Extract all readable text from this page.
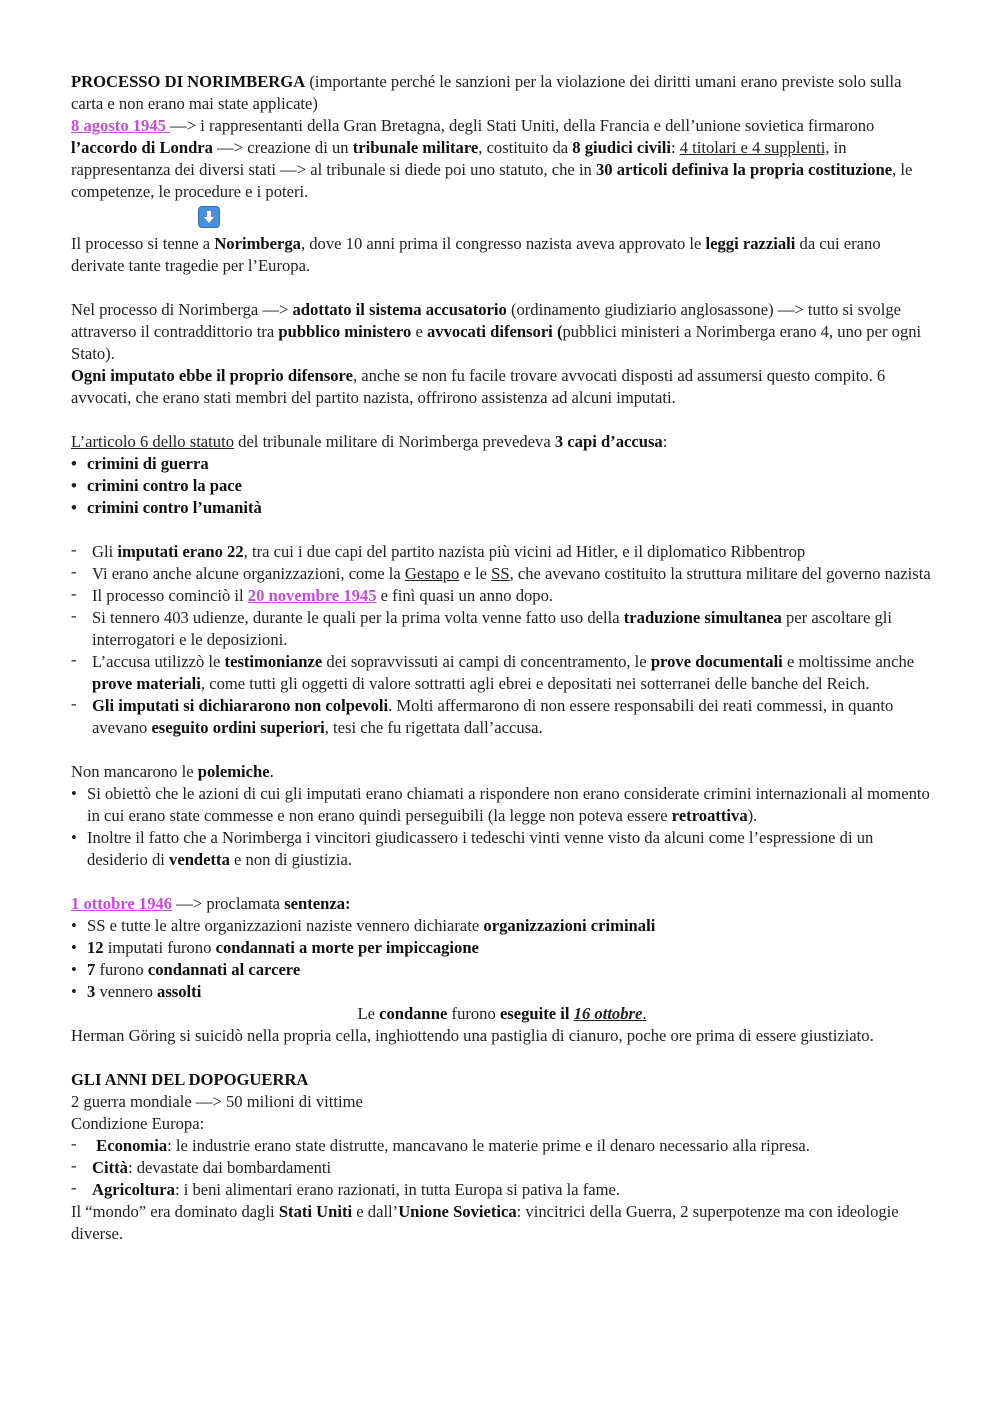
PROCESSO DI NORIMBERGA (importante perché le sanzioni per la violazione dei diritti umani erano previste solo sulla carta e non erano mai state applicate)

8 agosto 1945 —> i rappresentanti della Gran Bretagna, degli Stati Uniti, della Francia e dell’unione sovietica firmarono l’accordo di Londra —> creazione di un tribunale militare, costituito da 8 giudici civili: 4 titolari e 4 supplenti, in rappresentanza dei diversi stati —> al tribunale si diede poi uno statuto, che in 30 articoli definiva la propria costituzione, le competenze, le procedure e i poteri.

Il processo si tenne a Norimberga, dove 10 anni prima il congresso nazista aveva approvato le leggi razziali da cui erano derivate tante tragedie per l’Europa.

Nel processo di Norimberga —> adottato il sistema accusatorio (ordinamento giudiziario anglosassone) —> tutto si svolge attraverso il contraddittorio tra pubblico ministero e avvocati difensori (pubblici ministeri a Norimberga erano 4, uno per ogni Stato).

Ogni imputato ebbe il proprio difensore, anche se non fu facile trovare avvocati disposti ad assumersi questo compito. 6 avvocati, che erano stati membri del partito nazista, offrirono assistenza ad alcuni imputati.

L’articolo 6 dello statuto del tribunale militare di Norimberga prevedeva 3 capi d’accusa:

• crimini di guerra
• crimini contro la pace
• crimini contro l’umanità
- Gli imputati erano 22, tra cui i due capi del partito nazista più vicini ad Hitler, e il diplomatico Ribbentrop
- Vi erano anche alcune organizzazioni, come la Gestapo e le SS, che avevano costituito la struttura militare del governo nazista
- Il processo cominciò il 20 novembre 1945 e finì quasi un anno dopo.
- Si tennero 403 udienze, durante le quali per la prima volta venne fatto uso della traduzione simultanea per ascoltare gli interrogatori e le deposizioni.
- L’accusa utilizzò le testimonianze dei sopravvissuti ai campi di concentramento, le prove documentali e moltissime anche prove materiali, come tutti gli oggetti di valore sottratti agli ebrei e depositati nei sotterranei delle banche del Reich.
- Gli imputati si dichiararono non colpevoli. Molti affermarono di non essere responsabili dei reati commessi, in quanto avevano eseguito ordini superiori, tesi che fu rigettata dall’accusa.

Non mancarono le polemiche.

• Si obiettò che le azioni di cui gli imputati erano chiamati a rispondere non erano considerate crimini internazionali al momento in cui erano state commesse e non erano quindi perseguibili (la legge non poteva essere retroattiva).
• Inoltre il fatto che a Norimberga i vincitori giudicassero i tedeschi vinti venne visto da alcuni come l’espressione di un desiderio di vendetta e non di giustizia.

1 ottobre 1946 —> proclamata sentenza:

• SS e tutte le altre organizzazioni naziste vennero dichiarate organizzazioni criminali
• 12 imputati furono condannati a morte per impiccagione
• 7 furono condannati al carcere
• 3 vennero assolti

Le condanne furono eseguite il 16 ottobre.

Herman Göring si suicidò nella propria cella, inghiottendo una pastiglia di cianuro, poche ore prima di essere giustiziato.

GLI ANNI DEL DOPOGUERRA

2 guerra mondiale —> 50 milioni di vittime

Condizione Europa:

- Economia: le industrie erano state distrutte, mancavano le materie prime e il denaro necessario alla ripresa.
- Città: devastate dai bombardamenti
- Agricoltura: i beni alimentari erano razionati, in tutta Europa si pativa la fame.

Il “mondo” era dominato dagli Stati Uniti e dall’Unione Sovietica: vincitrici della Guerra, 2 superpotenze ma con ideologie diverse.
